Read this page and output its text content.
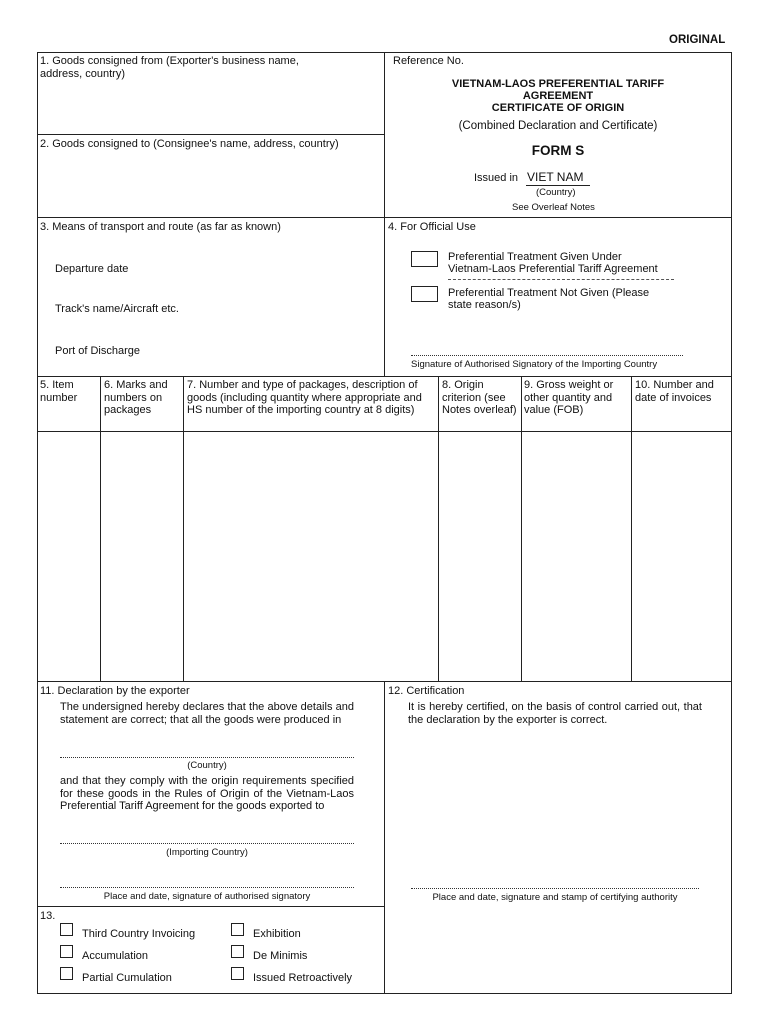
ORIGINAL
1. Goods consigned from (Exporter's business name, address, country)
2. Goods consigned to (Consignee's name, address, country)
Reference No.
VIETNAM-LAOS PREFERENTIAL TARIFF
AGREEMENT
CERTIFICATE OF ORIGIN
(Combined Declaration and Certificate)
FORM S
Issued in VIET NAM
(Country)
See Overleaf Notes
3. Means of transport and route (as far as known)
Departure date
Track's name/Aircraft etc.
Port of Discharge
4. For Official Use
Preferential Treatment Given Under
Vietnam-Laos Preferential Tariff Agreement
Preferential Treatment Not Given (Please
state reason/s)
Signature of Authorised Signatory of the Importing Country
5. Item number
6. Marks and numbers on packages
7. Number and type of packages, description of goods (including quantity where appropriate and HS number of the importing country at 8 digits)
8. Origin criterion (see Notes overleaf)
9. Gross weight or other quantity and value (FOB)
10. Number and date of invoices
11. Declaration by the exporter
The undersigned hereby declares that the above details and statement are correct; that all the goods were produced in
(Country)
and that they comply with the origin requirements specified for these goods in the Rules of Origin of the Vietnam-Laos Preferential Tariff Agreement for the goods exported to
(Importing Country)
Place and date, signature of authorised signatory
12. Certification
It is hereby certified, on the basis of control carried out, that the declaration by the exporter is correct.
Place and date, signature and stamp of certifying authority
13.
Third Country Invoicing	Exhibition
Accumulation	De Minimis
Partial Cumulation	Issued Retroactively
